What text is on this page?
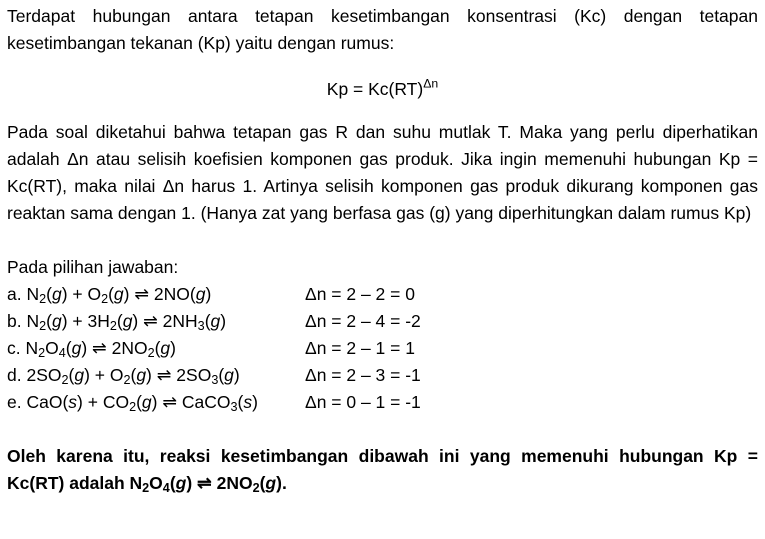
Terdapat hubungan antara tetapan kesetimbangan konsentrasi (Kc) dengan tetapan kesetimbangan tekanan (Kp) yaitu dengan rumus:

Kp = Kc(RT)$^{\Delta n}$

Pada soal diketahui bahwa tetapan gas R dan suhu mutlak T. Maka yang perlu diperhatikan adalah Δn atau selisih koefisien komponen gas produk. Jika ingin memenuhi hubungan Kp = Kc(RT), maka nilai Δn harus 1. Artinya selisih komponen gas produk dikurang komponen gas reaktan sama dengan 1. (Hanya zat yang berfasa gas (g) yang diperhitungkan dalam rumus Kp)

Pada pilihan jawaban:
a. $N_2(g) + O_2(g)$ ⇌ 2NO(g)	Δn = 2 – 2 = 0
b. $N_2(g) + 3H_2(g)$ ⇌ $2NH_3(g)$	Δn = 2 – 4 = -2
c. $N_2O_4(g)$ ⇌ $2NO_2(g)$	Δn = 2 – 1 = 1
d. $2SO_2(g) + O_2(g)$ ⇌ $2SO_3(g)$	Δn = 2 – 3 = -1
e. $CaO(s) + CO_2(g)$ ⇌ CaCO$_3$(s)	Δn = 0 – 1 = -1

Oleh karena itu, reaksi kesetimbangan dibawah ini yang memenuhi hubungan Kp = Kc(RT) adalah $N_2O_4(g)$ ⇌ $2NO_2(g)$.
